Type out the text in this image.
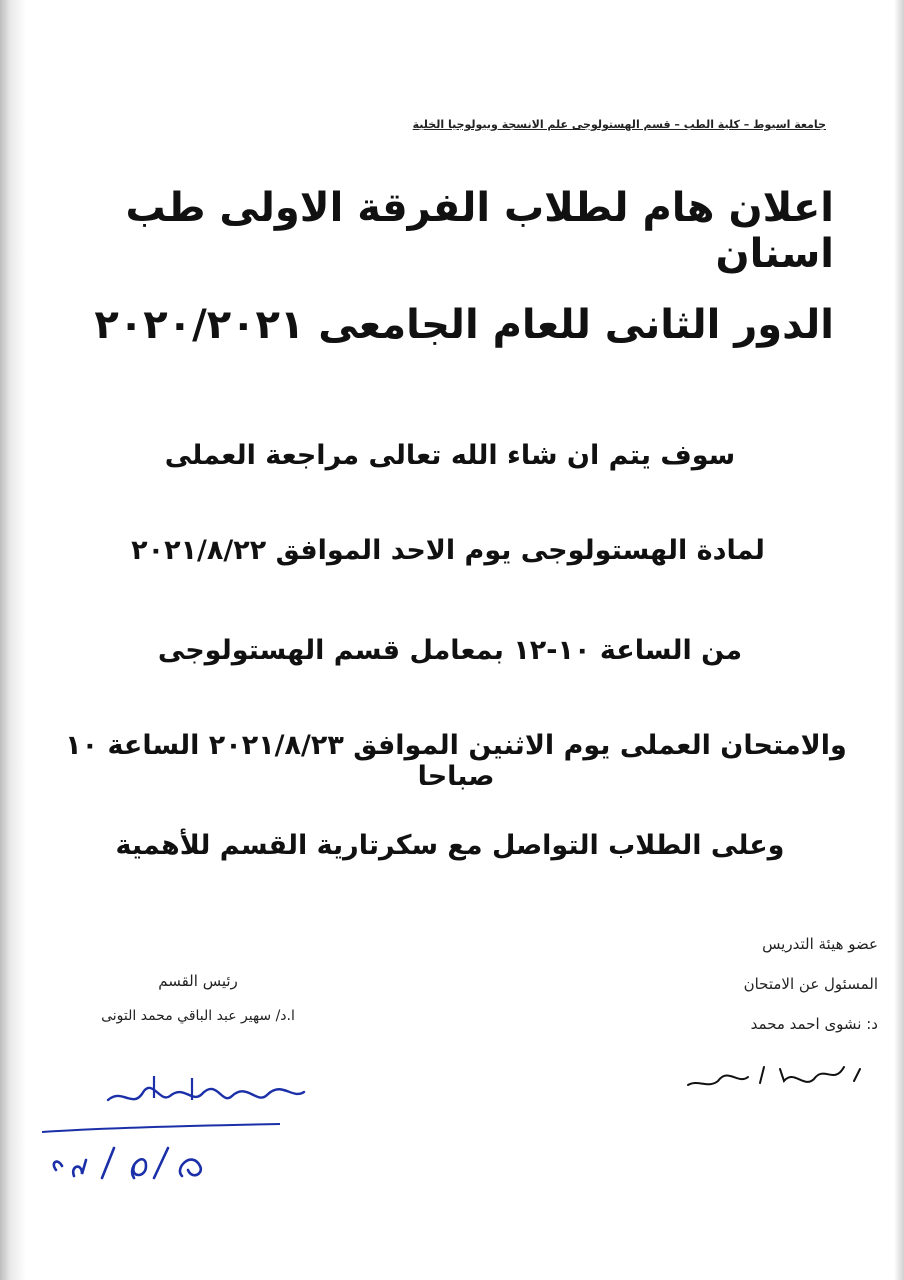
جامعة اسيوط – كلية الطب – قسم الهستولوجى علم الانسجة وبيولوجيا الخلية
اعلان هام لطلاب الفرقة الاولى طب اسنان
الدور الثانى للعام الجامعى ٢٠٢٠/٢٠٢١
سوف يتم ان شاء الله تعالى مراجعة العملى
لمادة الهستولوجى يوم الاحد الموافق ٢٠٢١/٨/٢٢
من الساعة ١٠-١٢ بمعامل قسم الهستولوجى
والامتحان العملى يوم الاثنين الموافق ٢٠٢١/٨/٢٣ الساعة ١٠ صباحا
وعلى الطلاب التواصل مع سكرتارية القسم للأهمية
عضو هيئة التدريس
المسئول عن الامتحان
د: نشوى احمد محمد
رئيس القسم
ا.د/ سهير عبد الباقي محمد التونى
